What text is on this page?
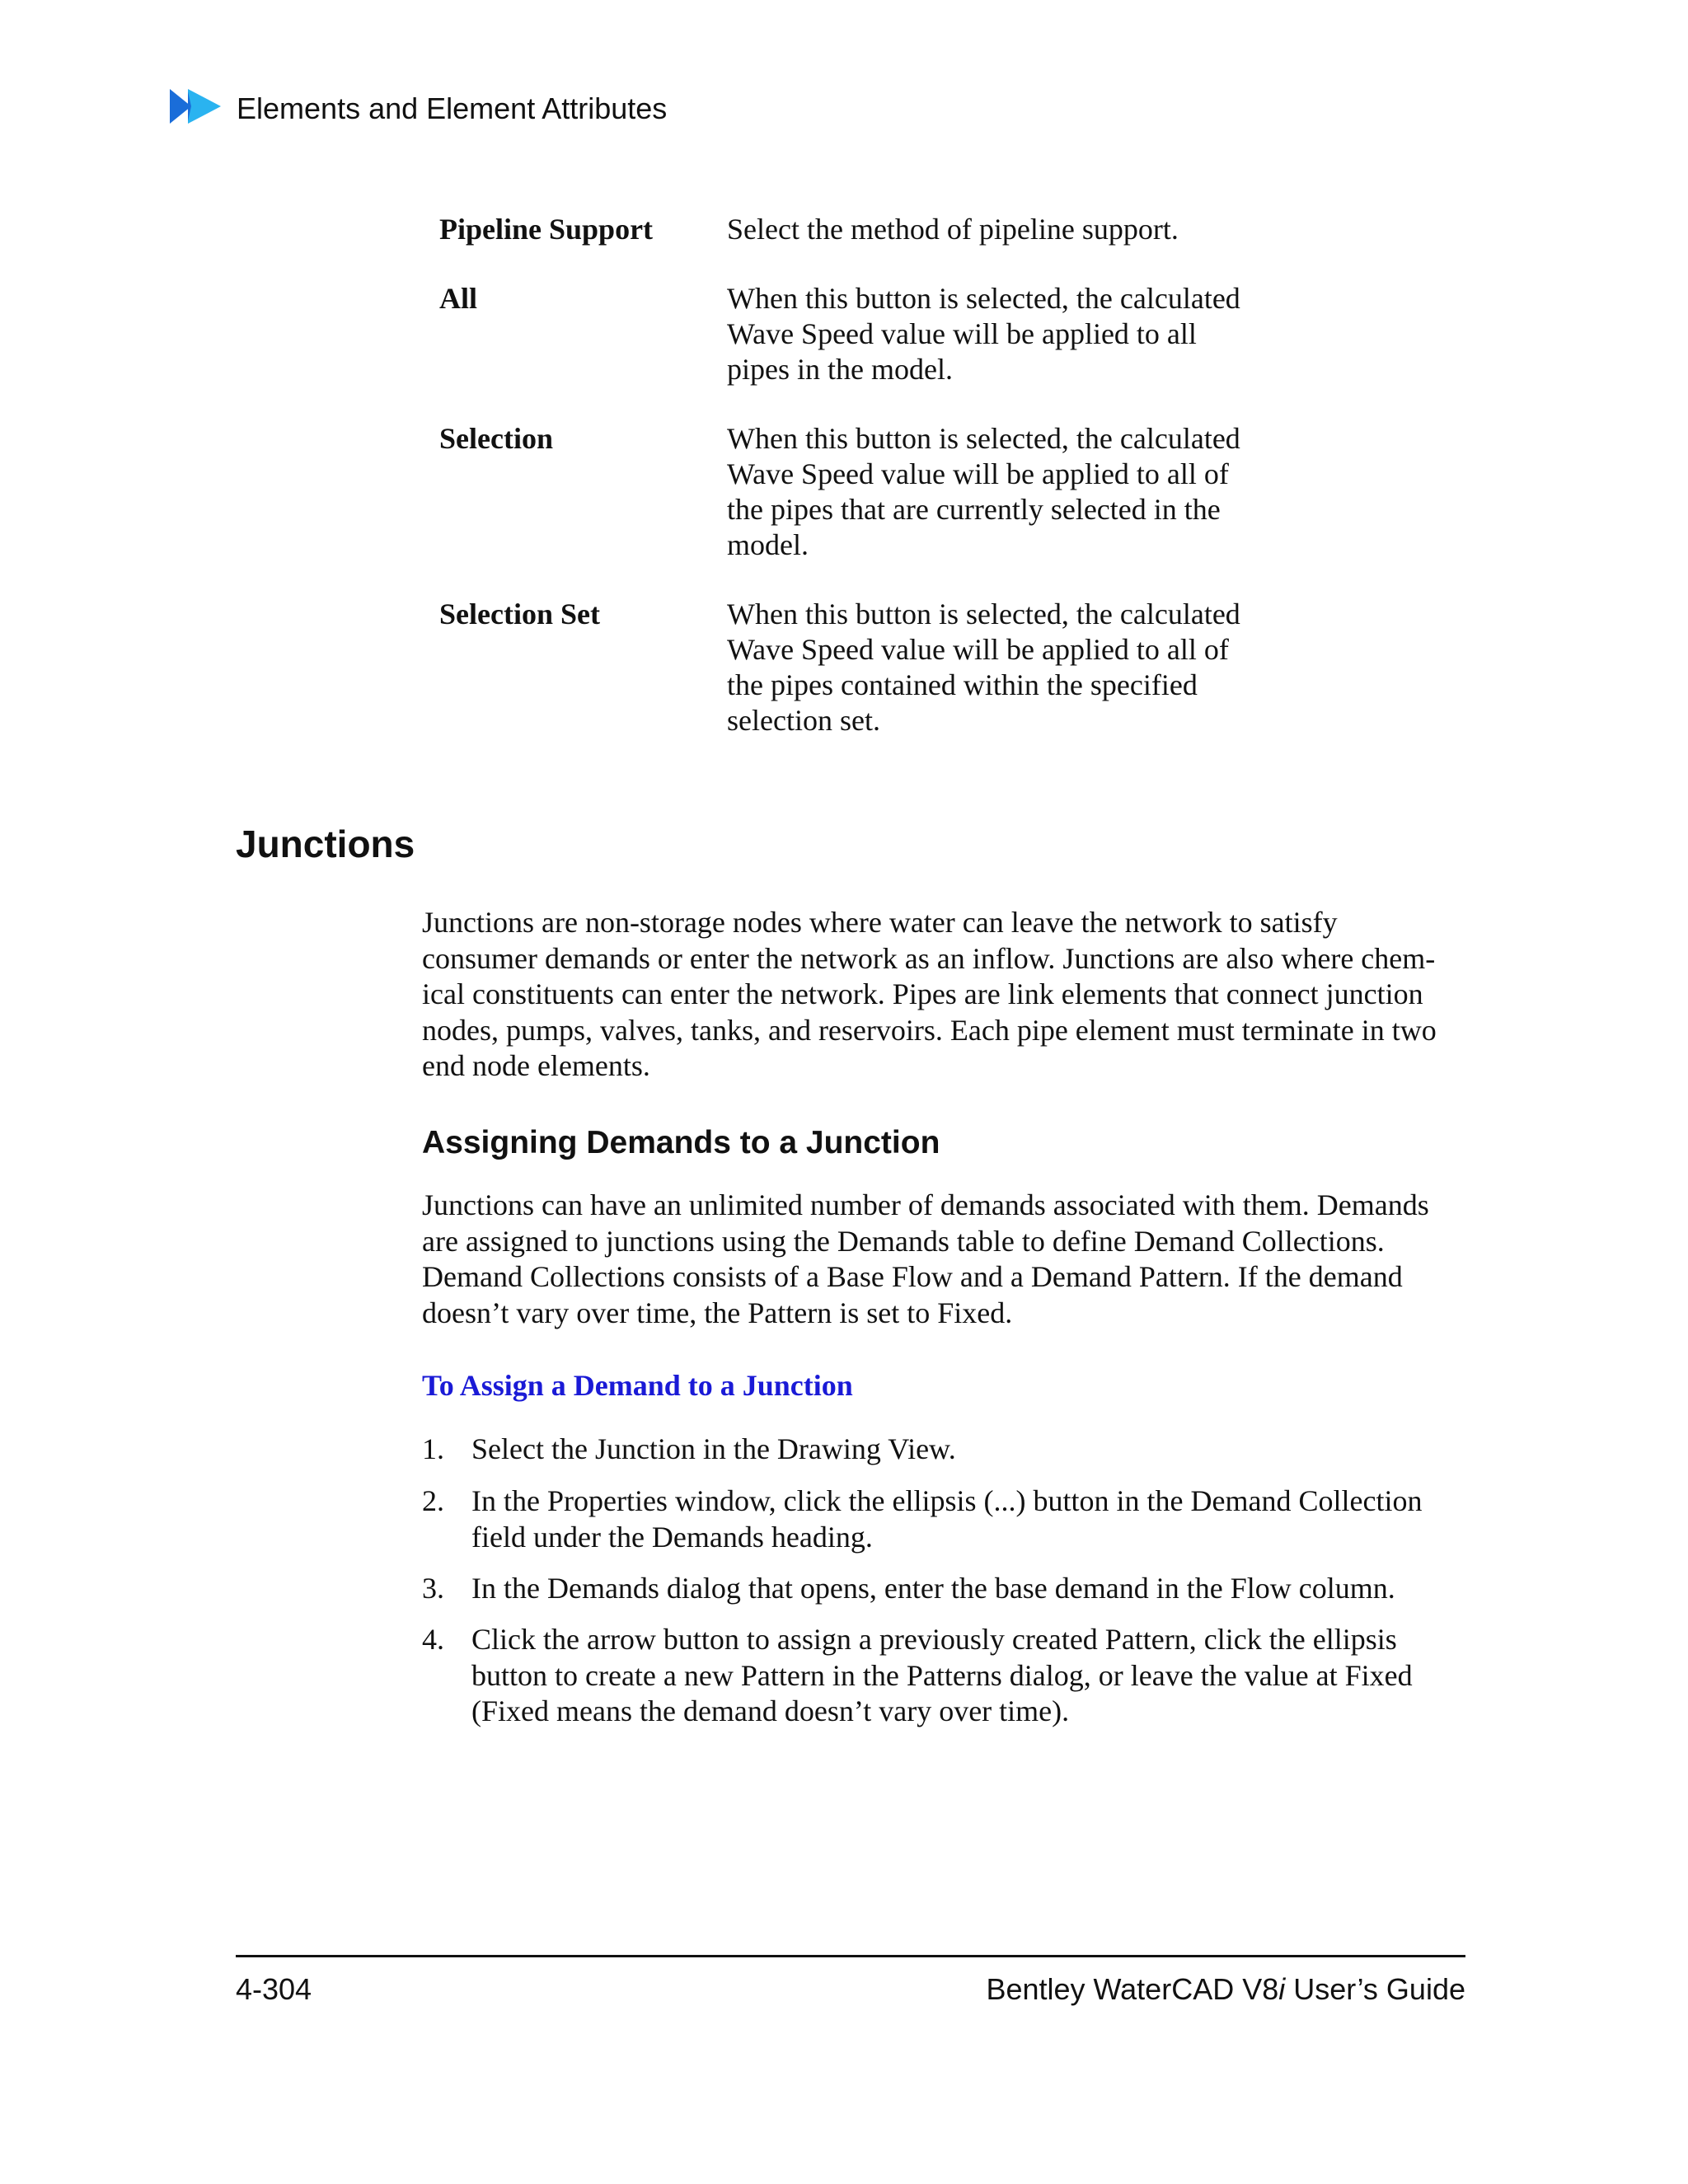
Elements and Element Attributes
Pipeline Support	Select the method of pipeline support.
All	When this button is selected, the calculated
Wave Speed value will be applied to all
pipes in the model.
Selection	When this button is selected, the calculated
Wave Speed value will be applied to all of
the pipes that are currently selected in the
model.
Selection Set	When this button is selected, the calculated
Wave Speed value will be applied to all of
the pipes contained within the specified
selection set.
Junctions
Junctions are non-storage nodes where water can leave the network to satisfy
consumer demands or enter the network as an inflow. Junctions are also where chem-
ical constituents can enter the network. Pipes are link elements that connect junction
nodes, pumps, valves, tanks, and reservoirs. Each pipe element must terminate in two
end node elements.
Assigning Demands to a Junction
Junctions can have an unlimited number of demands associated with them. Demands
are assigned to junctions using the Demands table to define Demand Collections.
Demand Collections consists of a Base Flow and a Demand Pattern. If the demand
doesn’t vary over time, the Pattern is set to Fixed.
To Assign a Demand to a Junction
1. Select the Junction in the Drawing View.
2. In the Properties window, click the ellipsis (...) button in the Demand Collection
field under the Demands heading.
3. In the Demands dialog that opens, enter the base demand in the Flow column.
4. Click the arrow button to assign a previously created Pattern, click the ellipsis
button to create a new Pattern in the Patterns dialog, or leave the value at Fixed
(Fixed means the demand doesn’t vary over time).
4-304	Bentley WaterCAD V8i User’s Guide
